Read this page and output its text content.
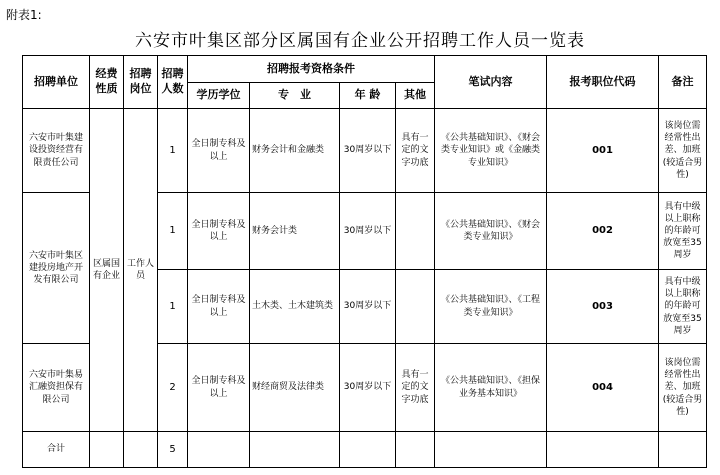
附表1:
六安市叶集区部分区属国有企业公开招聘工作人员一览表
招聘单位	经费性质	招聘岗位	招聘人数	招聘报考资格条件				笔试内容	报考职位代码	备注
				学历学位	专　业	年 龄	其他			
六安市叶集建设投资经营有限责任公司	区属国有企业	工作人员	1	全日制专科及以上	财务会计和金融类	30周岁以下	具有一定的文字功底	《公共基础知识》、《财会类专业知识》或《金融类专业知识》	001	该岗位需经常性出差、加班(较适合男性)
六安市叶集区建投房地产开发有限公司			1	全日制专科及以上	财务会计类	30周岁以下		《公共基础知识》、《财会类专业知识》	002	具有中级以上职称的年龄可放宽至35周岁
			1	全日制专科及以上	土木类、土木建筑类	30周岁以下		《公共基础知识》、《工程类专业知识》	003	具有中级以上职称的年龄可放宽至35周岁
六安市叶集易汇融资担保有限公司			2	全日制专科及以上	财经商贸及法律类	30周岁以下	具有一定的文字功底	《公共基础知识》、《担保业务基本知识》	004	该岗位需经常性出差、加班(较适合男性)
合计			5							
